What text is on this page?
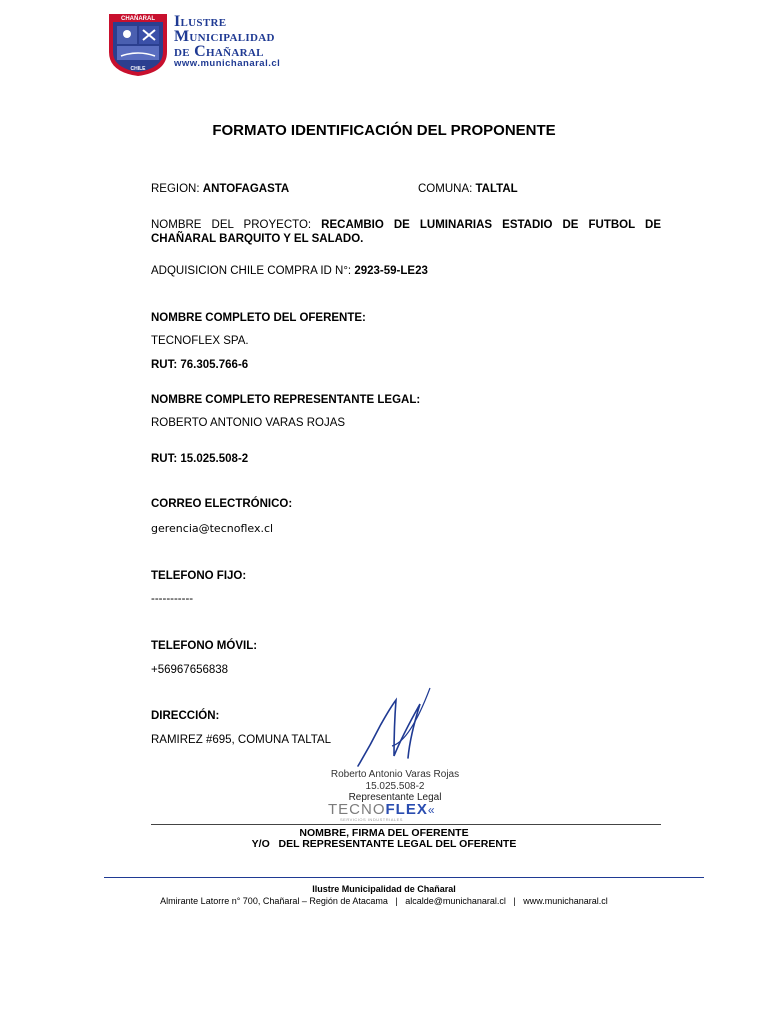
CHAÑARAL
CHILE
Ilustre
Municipalidad
de Chañaral
www.munichanaral.cl
FORMATO IDENTIFICACIÓN DEL PROPONENTE
REGION: ANTOFAGASTA	COMUNA: TALTAL
NOMBRE DEL PROYECTO: RECAMBIO DE LUMINARIAS ESTADIO DE FUTBOL DE CHAÑARAL BARQUITO Y EL SALADO.
ADQUISICION CHILE COMPRA ID N°: 2923-59-LE23
NOMBRE COMPLETO DEL OFERENTE:
TECNOFLEX SPA.
RUT: 76.305.766-6
NOMBRE COMPLETO REPRESENTANTE LEGAL:
ROBERTO ANTONIO VARAS ROJAS
RUT: 15.025.508-2
CORREO ELECTRÓNICO:
gerencia@tecnoflex.cl
TELEFONO FIJO:
-----------
TELEFONO MÓVIL:
+56967656838
DIRECCIÓN:
RAMIREZ #695, COMUNA TALTAL
Roberto Antonio Varas Rojas
15.025.508-2
Representante Legal
TECNOFLEX«
SERVICIOS INDUSTRIALES
NOMBRE, FIRMA DEL OFERENTE
Y/O   DEL REPRESENTANTE LEGAL DEL OFERENTE
Ilustre Municipalidad de Chañaral
Almirante Latorre n° 700, Chañaral – Región de Atacama   |   alcalde@munichanaral.cl   |   www.munichanaral.cl
